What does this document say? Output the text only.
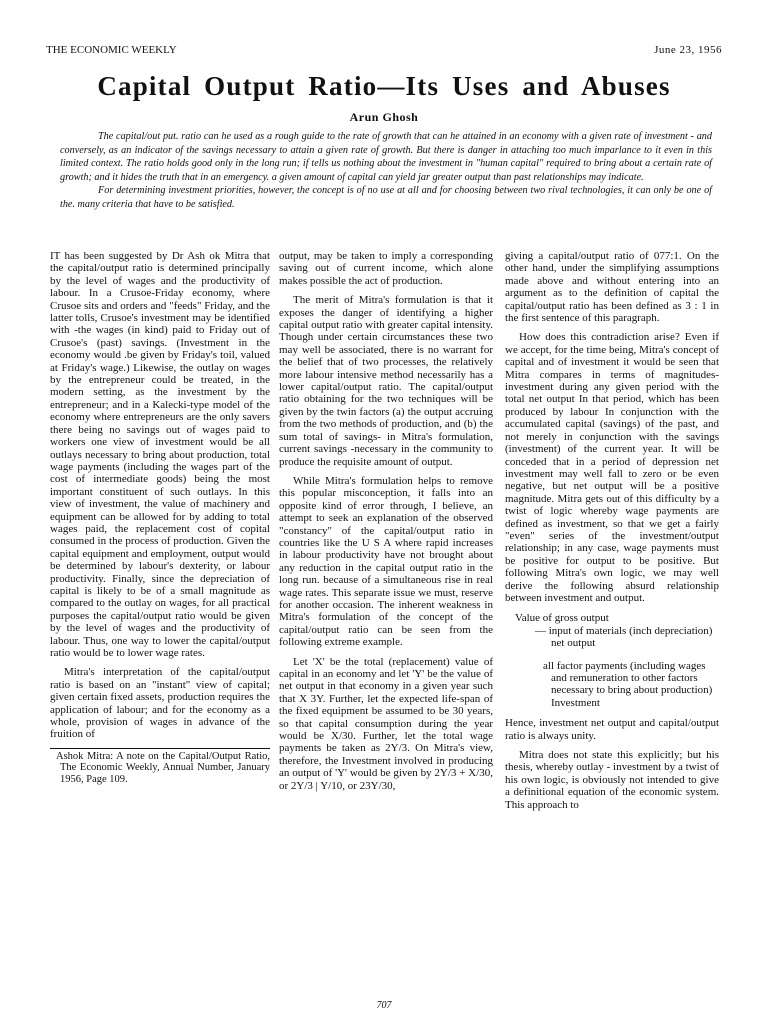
THE ECONOMIC WEEKLY	June 23, 1956
Capital Output Ratio—Its Uses and Abuses
Arun Ghosh

The capital/out put. ratio can he used as a rough guide to the rate of growth that can he attained in an economy with a given rate of investment - and conversely, as an indicator of the savings necessary to attain a given rate of growth. But there is danger in attaching too much imparlance to it even in this limited context. The ratio holds good only in the long run; if tells us nothing about the investment in "human capital" required to bring about a certain rate of growth; and it hides the truth that in an emergency. a given amount of capital can yield jar greater output than past relationships may indicate.

For determining investment priorities, however, the concept is of no use at all and for choosing between two rival technologies, it can only be one of the. many criteria that have to be satisfied.

IT has been suggested by Dr Ash ok Mitra that the capital/output ratio is determined principally by the level of wages and the productivity of labour. In a Crusoe-Friday economy, where Crusoe sits and orders and "feeds" Friday, and the latter tolls, Crusoe's investment may be identified with -the wages (in kind) paid to Friday out of Crusoe's (past) savings. (Investment in the economy would .be given by Friday's toil, valued at Friday's wage.) Likewise, the outlay on wages by the entrepreneur could be treated, in the modern setting, as the investment by the entrepreneur; and in a Kalecki-type model of the economy where entrepreneurs are the only savers there being no savings out of wages paid to workers one view of investment would be all outlays necessary to bring about production, total wage payments (including the wages part of the cost of intermediate goods) being the most important constituent of such outlays. In this view of investment, the value of machinery and equipment can be allowed for by adding to total wages paid, the replacement cost of copital consumed in the process of production. Given the capital equipment and employment, output would be determined by labour's dexterity, or labour productivity. Finally, since the depreciation of capital is likely to be of a small magnitude as compared to the outlay on wages, for all practical purposes the capital/output ratio would be given by the level of wages and the productivity of labour. Thus, one way to lower the capital/output ratio would be to lower wage rates.

Mitra's interpretation of the capital/output ratio is based on an "instant" view of capital; given certain fixed assets, production requires the application of labour; and for the economy as a whole, provision of wages in advance of the fruition of

Ashok Mitra: A note on the Capital/Output Ratio, The Economic Weekly, Annual Number, January 1956, Page 109.

output, may be taken to imply a corresponding saving out of current income, which alone makes possible the act of production.

The merit of Mitra's formulation is that it exposes the danger of identifying a higher capital output ratio with greater capital intensity. Though under certain circumstances these two may well be associated, there is no warrant for the belief that of two processes, the relatively more labour intensive method necessarily has a lower capital/output ratio. The capital/output ratio obtaining for the two techniques will be given by the twin factors (a) the output accruing from the two methods of production, and (b) the sum total of savings- in Mitra's formulation, current savings -necessary in the community to produce the requisite amount of output.

While Mitra's formulation helps to remove this popular misconception, it falls into an opposite kind of error through, I believe, an attempt to seek an explanation of the observed "constancy" of the capital/output ratio in countries like the U S A where rapid increases in labour productivity have not brought about any reduction in the capital output ratio in the long run. because of a simultaneous rise in real wage rates. This separate issue we must, reserve for another occasion. The inherent weakness in Mitra's formulation of the concept of the capital/output ratio can be seen from the following extreme example.

Let 'X' be the total (replacement) value of capital in an economy and let 'Y' be the value of net output in that economy in a given year such that X 3Y. Further, let the expected life-span of the fixed equipment be assumed to be 30 years, so that capital consumption during the year would be X/30. Further, let the total wage payments be taken as 2Y/3. On Mitra's view, therefore, the Investment involved in producing an output of 'Y' would be given by 2Y/3 + X/30, or 2Y/3 | Y/10, or 23Y/30,

giving a capital/output ratio of 077:1. On the other hand, under the simplifying assumptions made above and without entering into an argument as to the definition of capital the capital/output ratio has been defined as 3 : 1 in the first sentence of this paragraph.

How does this contradiction arise? Even if we accept, for the time being, Mitra's concept of capital and of investment it would be seen that Mitra compares in terms of magnitudes-investment during any given period with the total net output In that period, which has been produced by labour In conjunction with the accumulated capital (savings) of the past, and not merely in conjunction with the savings (investment) of the current year. It will be conceded that in a period of depression net investment may well fall to zero or be even negative, but net output will be a positive magnitude. Mitra gets out of this difficulty by a twist of logic whereby wage payments are defined as investment, so that we get a fairly "even" series of the investment/output relationship; in any case, wage payments must be positive for output to be positive. But following Mitra's own logic, we may well derive the following absurd relationship between investment and output.

Value of gross output
— input of materials (inch depreciation)
net output
all factor payments (including wages and remuneration to other factors necessary to bring about production)
Investment

Hence, investment net output and capital/output ratio is always unity.

Mitra does not state this explicitly; but his thesis, whereby outlay - investment by a twist of his own logic, is obviously not intended to give a definitional equation of the economic system. This approach to

707
